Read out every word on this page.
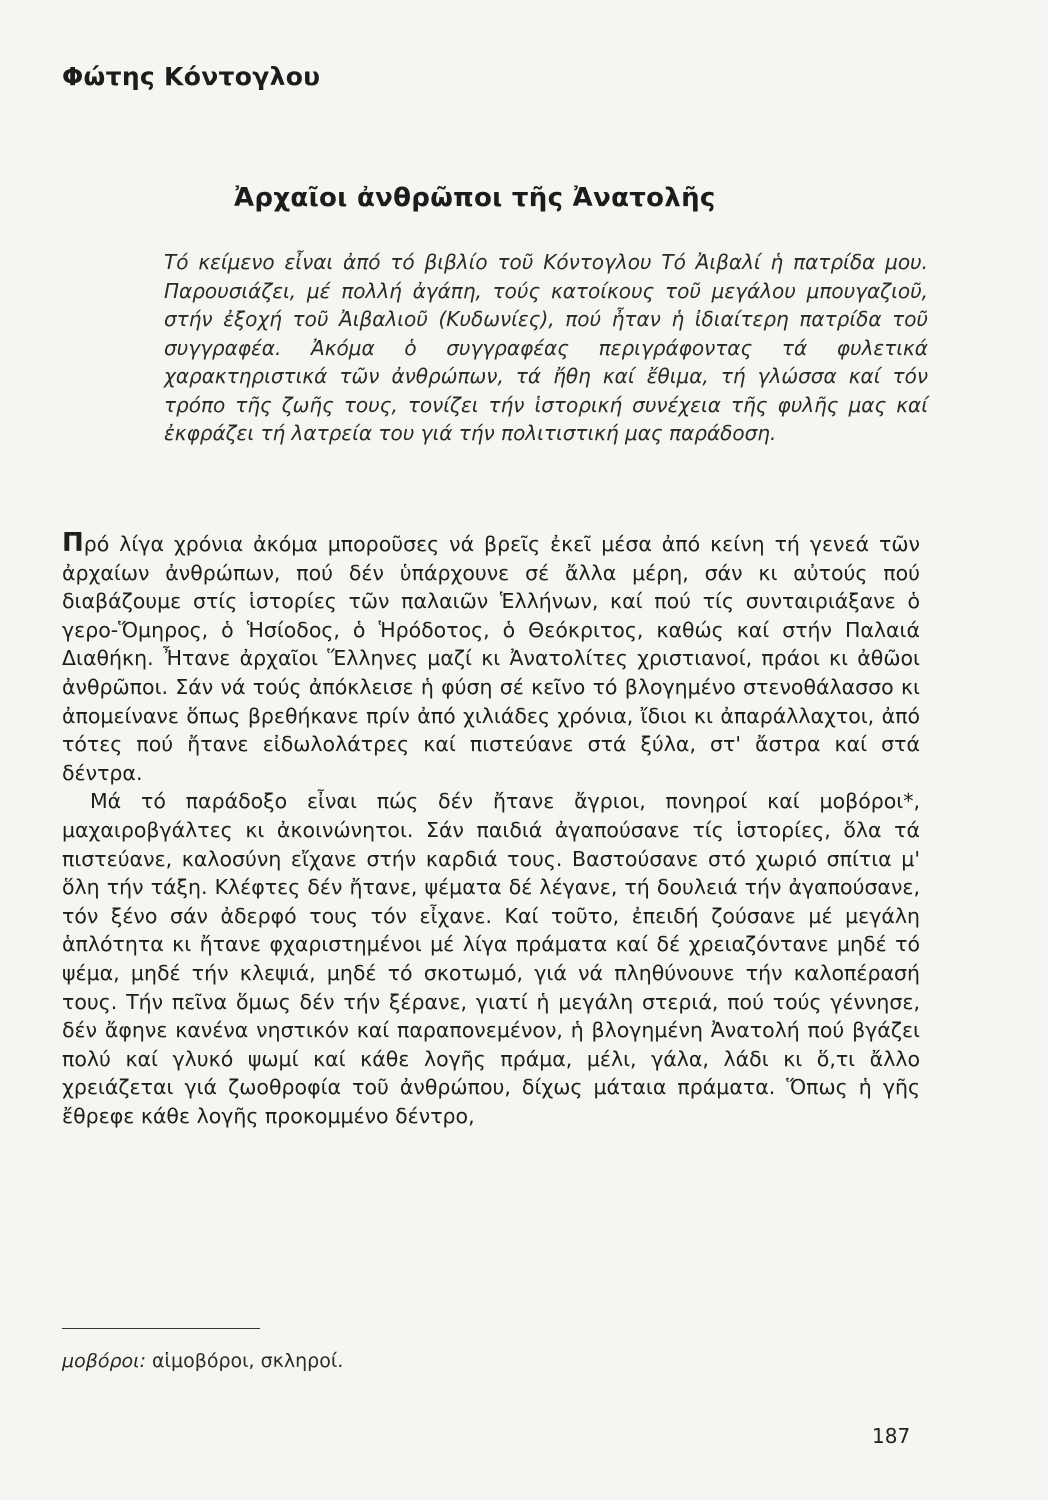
Φώτης Κόντογλου
Ἀρχαῖοι ἀνθρῶποι τῆς Ἀνατολῆς
Τό κείμενο εἶναι ἀπό τό βιβλίο τοῦ Κόντογλου Τό Ἀιβαλί ἡ πατρίδα μου. Παρουσιάζει, μέ πολλή ἀγάπη, τούς κατοίκους τοῦ μεγάλου μπουγαζιοῦ, στήν ἐξοχή τοῦ Ἀιβαλιοῦ (Κυδωνίες), πού ἦταν ἡ ἰδιαίτερη πατρίδα τοῦ συγγραφέα. Ἀκόμα ὁ συγγραφέας περιγράφοντας τά φυλετικά χαρακτηριστικά τῶν ἀνθρώπων, τά ἤθη καί ἔθιμα, τή γλώσσα καί τόν τρόπο τῆς ζωῆς τους, τονίζει τήν ἱστορική συνέχεια τῆς φυλῆς μας καί ἐκφράζει τή λατρεία του γιά τήν πολιτιστική μας παράδοση.

Πρό λίγα χρόνια ἀκόμα μποροῦσες νά βρεῖς ἐκεῖ μέσα ἀπό κείνη τή γενεά τῶν ἀρχαίων ἀνθρώπων, πού δέν ὑπάρχουνε σέ ἄλλα μέρη, σάν κι αὐτούς πού διαβάζουμε στίς ἱστορίες τῶν παλαιῶν Ἑλλήνων, καί πού τίς συνταιριάξανε ὁ γερο-Ὅμηρος, ὁ Ἡσίοδος, ὁ Ἡρόδοτος, ὁ Θεόκριτος, καθώς καί στήν Παλαιά Διαθήκη. Ἦτανε ἀρχαῖοι Ἕλληνες μαζί κι Ἀνατολίτες χριστιανοί, πράοι κι ἀθῶοι ἀνθρῶποι. Σάν νά τούς ἀπόκλεισε ἡ φύση σέ κεῖνο τό βλογημένο στενοθάλασσο κι ἀπομείνανε ὅπως βρεθήκανε πρίν ἀπό χιλιάδες χρόνια, ἴδιοι κι ἀπαράλλαχτοι, ἀπό τότες πού ἤτανε εἰδωλολάτρες καί πιστεύανε στά ξύλα, στ' ἄστρα καί στά δέντρα.

Μά τό παράδοξο εἶναι πώς δέν ἤτανε ἄγριοι, πονηροί καί μοβόροι*, μαχαιροβγάλτες κι ἀκοινώνητοι. Σάν παιδιά ἀγαπούσανε τίς ἱστορίες, ὅλα τά πιστεύανε, καλοσύνη εἴχανε στήν καρδιά τους. Βαστούσανε στό χωριό σπίτια μ' ὅλη τήν τάξη. Κλέφτες δέν ἤτανε, ψέματα δέ λέγανε, τή δουλειά τήν ἀγαπούσανε, τόν ξένο σάν ἀδερφό τους τόν εἶχανε. Καί τοῦτο, ἐπειδή ζούσανε μέ μεγάλη ἁπλότητα κι ἤτανε φχαριστημένοι μέ λίγα πράματα καί δέ χρειαζόντανε μηδέ τό ψέμα, μηδέ τήν κλεψιά, μηδέ τό σκοτωμό, γιά νά πληθύνουνε τήν καλοπέρασή τους. Τήν πεῖνα ὅμως δέν τήν ξέρανε, γιατί ἡ μεγάλη στεριά, πού τούς γέννησε, δέν ἄφηνε κανένα νηστικόν καί παραπονεμένον, ἡ βλογημένη Ἀνατολή πού βγάζει πολύ καί γλυκό ψωμί καί κάθε λογῆς πράμα, μέλι, γάλα, λάδι κι ὅ,τι ἄλλο χρειάζεται γιά ζωοθροφία τοῦ ἀνθρώπου, δίχως μάταια πράματα. Ὅπως ἡ γῆς ἔθρεφε κάθε λογῆς προκομμένο δέντρο,

μοβόροι: αἱμοβόροι, σκληροί.
187
